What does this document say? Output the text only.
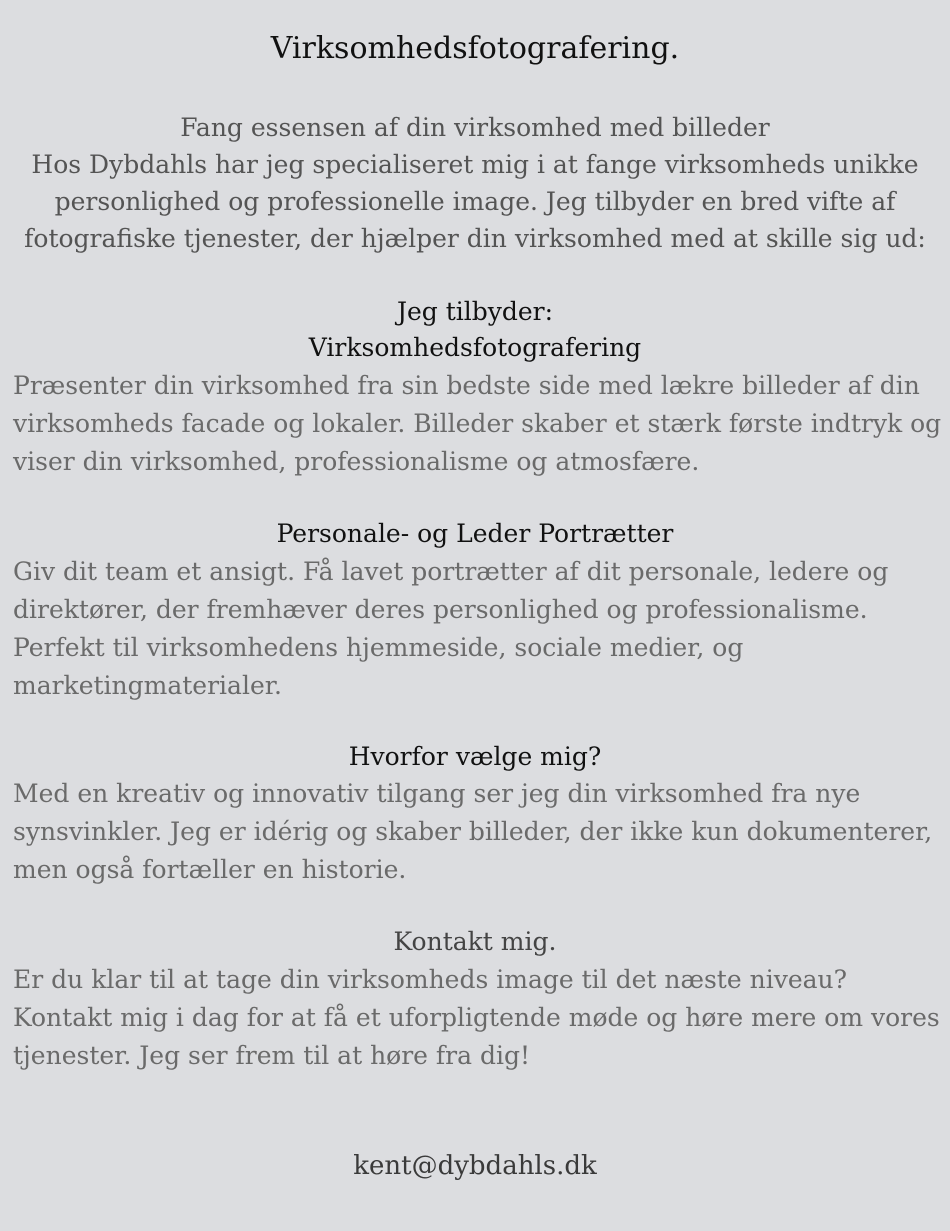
Virksomhedsfotografering.
Fang essensen af din virksomhed med billeder
Hos Dybdahls har jeg specialiseret mig i at fange virksomheds unikke
personlighed og professionelle image. Jeg tilbyder en bred vifte af
fotografiske tjenester, der hjælper din virksomhed med at skille sig ud:
Jeg tilbyder:
Virksomhedsfotografering
Præsenter din virksomhed fra sin bedste side med lækre billeder af din
virksomheds facade og lokaler. Billeder skaber et stærk første indtryk og
viser din virksomhed, professionalisme og atmosfære.
Personale- og Leder Portrætter
Giv dit team et ansigt. Få lavet portrætter af dit personale, ledere og
direktører, der fremhæver deres personlighed og professionalisme.
Perfekt til virksomhedens hjemmeside, sociale medier, og
marketingmaterialer.
Hvorfor vælge mig?
Med en kreativ og innovativ tilgang ser jeg din virksomhed fra nye
synsvinkler. Jeg er idérig og skaber billeder, der ikke kun dokumenterer,
men også fortæller en historie.
Kontakt mig.
Er du klar til at tage din virksomheds image til det næste niveau?
Kontakt mig i dag for at få et uforpligtende møde og høre mere om vores
tjenester. Jeg ser frem til at høre fra dig!
kent@dybdahls.dk
